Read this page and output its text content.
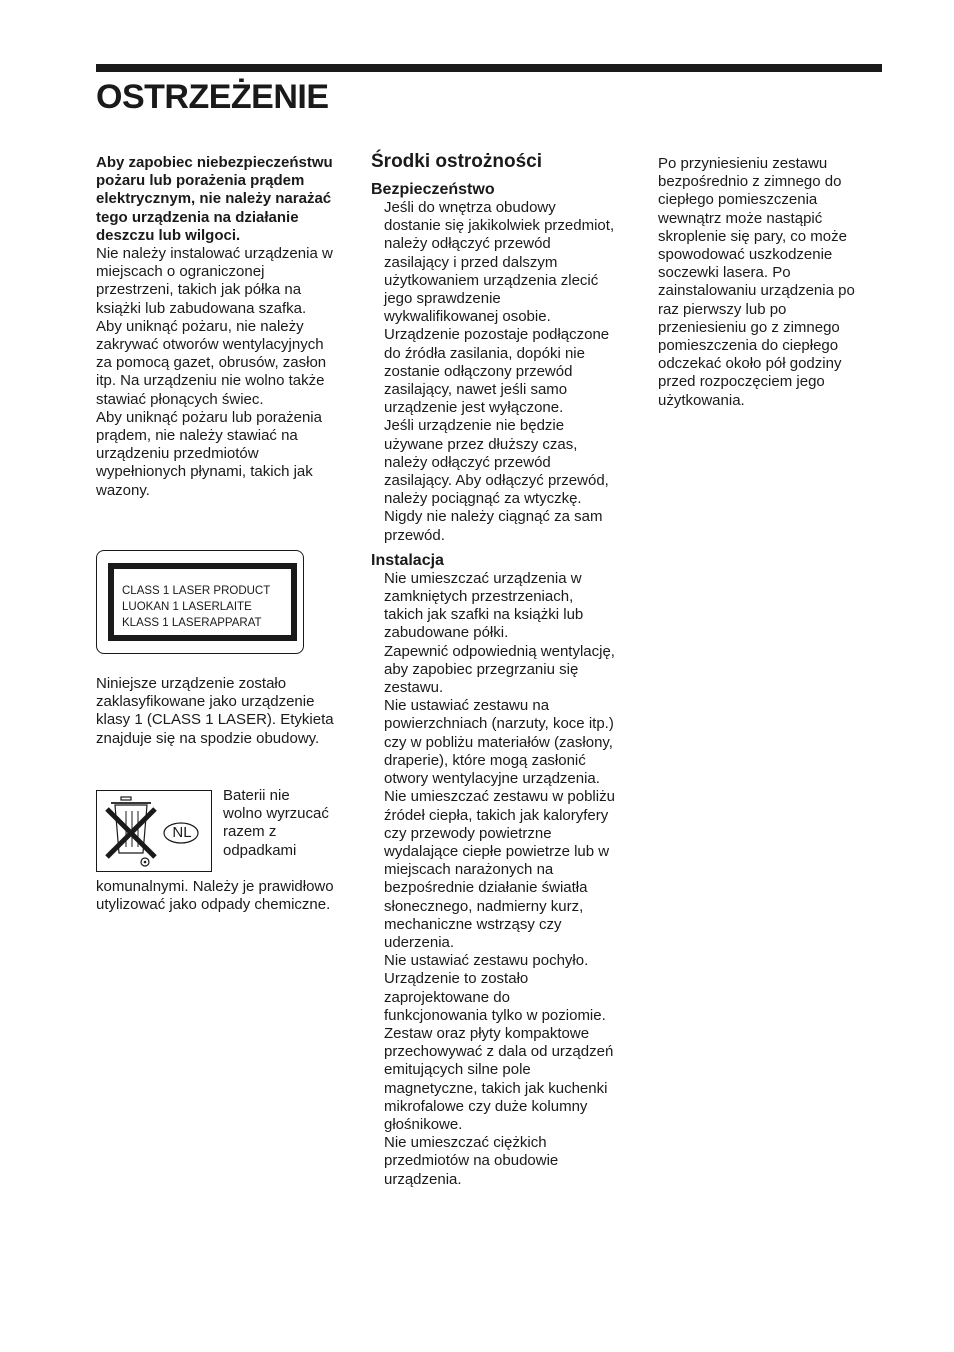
OSTRZEŻENIE

Aby zapobiec niebezpieczeństwu pożaru lub porażenia prądem elektrycznym, nie należy narażać tego urządzenia na działanie deszczu lub wilgoci.

Nie należy instalować urządzenia w miejscach o ograniczonej przestrzeni, takich jak półka na książki lub zabudowana szafka.

Aby uniknąć pożaru, nie należy zakrywać otworów wentylacyjnych za pomocą gazet, obrusów, zasłon itp. Na urządzeniu nie wolno także stawiać płonących świec.

Aby uniknąć pożaru lub porażenia prądem, nie należy stawiać na urządzeniu przedmiotów wypełnionych płynami, takich jak wazony.

CLASS 1 LASER PRODUCT
LUOKAN 1 LASERLAITE
KLASS 1 LASERAPPARAT

Niniejsze urządzenie zostało zaklasyfikowane jako urządzenie klasy 1 (CLASS 1 LASER). Etykieta znajduje się na spodzie obudowy.

NL

Baterii nie wolno wyrzucać razem z odpadkami

komunalnymi. Należy je prawidłowo utylizować jako odpady chemiczne.

Środki ostrożności
Bezpieczeństwo

Jeśli do wnętrza obudowy dostanie się jakikolwiek przedmiot, należy odłączyć przewód zasilający i przed dalszym użytkowaniem urządzenia zlecić jego sprawdzenie wykwalifikowanej osobie.

Urządzenie pozostaje podłączone do źródła zasilania, dopóki nie zostanie odłączony przewód zasilający, nawet jeśli samo urządzenie jest wyłączone.

Jeśli urządzenie nie będzie używane przez dłuższy czas, należy odłączyć przewód zasilający. Aby odłączyć przewód, należy pociągnąć za wtyczkę. Nigdy nie należy ciągnąć za sam przewód.

Instalacja

Nie umieszczać urządzenia w zamkniętych przestrzeniach, takich jak szafki na książki lub zabudowane półki.

Zapewnić odpowiednią wentylację, aby zapobiec przegrzaniu się zestawu.

Nie ustawiać zestawu na powierzchniach (narzuty, koce itp.) czy w pobliżu materiałów (zasłony, draperie), które mogą zasłonić otwory wentylacyjne urządzenia.

Nie umieszczać zestawu w pobliżu źródeł ciepła, takich jak kaloryfery czy przewody powietrzne wydalające ciepłe powietrze lub w miejscach narażonych na bezpośrednie działanie światła słonecznego, nadmierny kurz, mechaniczne wstrząsy czy uderzenia.

Nie ustawiać zestawu pochyło. Urządzenie to zostało zaprojektowane do funkcjonowania tylko w poziomie.

Zestaw oraz płyty kompaktowe przechowywać z dala od urządzeń emitujących silne pole magnetyczne, takich jak kuchenki mikrofalowe czy duże kolumny głośnikowe.

Nie umieszczać ciężkich przedmiotów na obudowie urządzenia.

Po przyniesieniu zestawu bezpośrednio z zimnego do ciepłego pomieszczenia wewnątrz może nastąpić skroplenie się pary, co może spowodować uszkodzenie soczewki lasera. Po zainstalowaniu urządzenia po raz pierwszy lub po przeniesieniu go z zimnego pomieszczenia do ciepłego odczekać około pół godziny przed rozpoczęciem jego użytkowania.
